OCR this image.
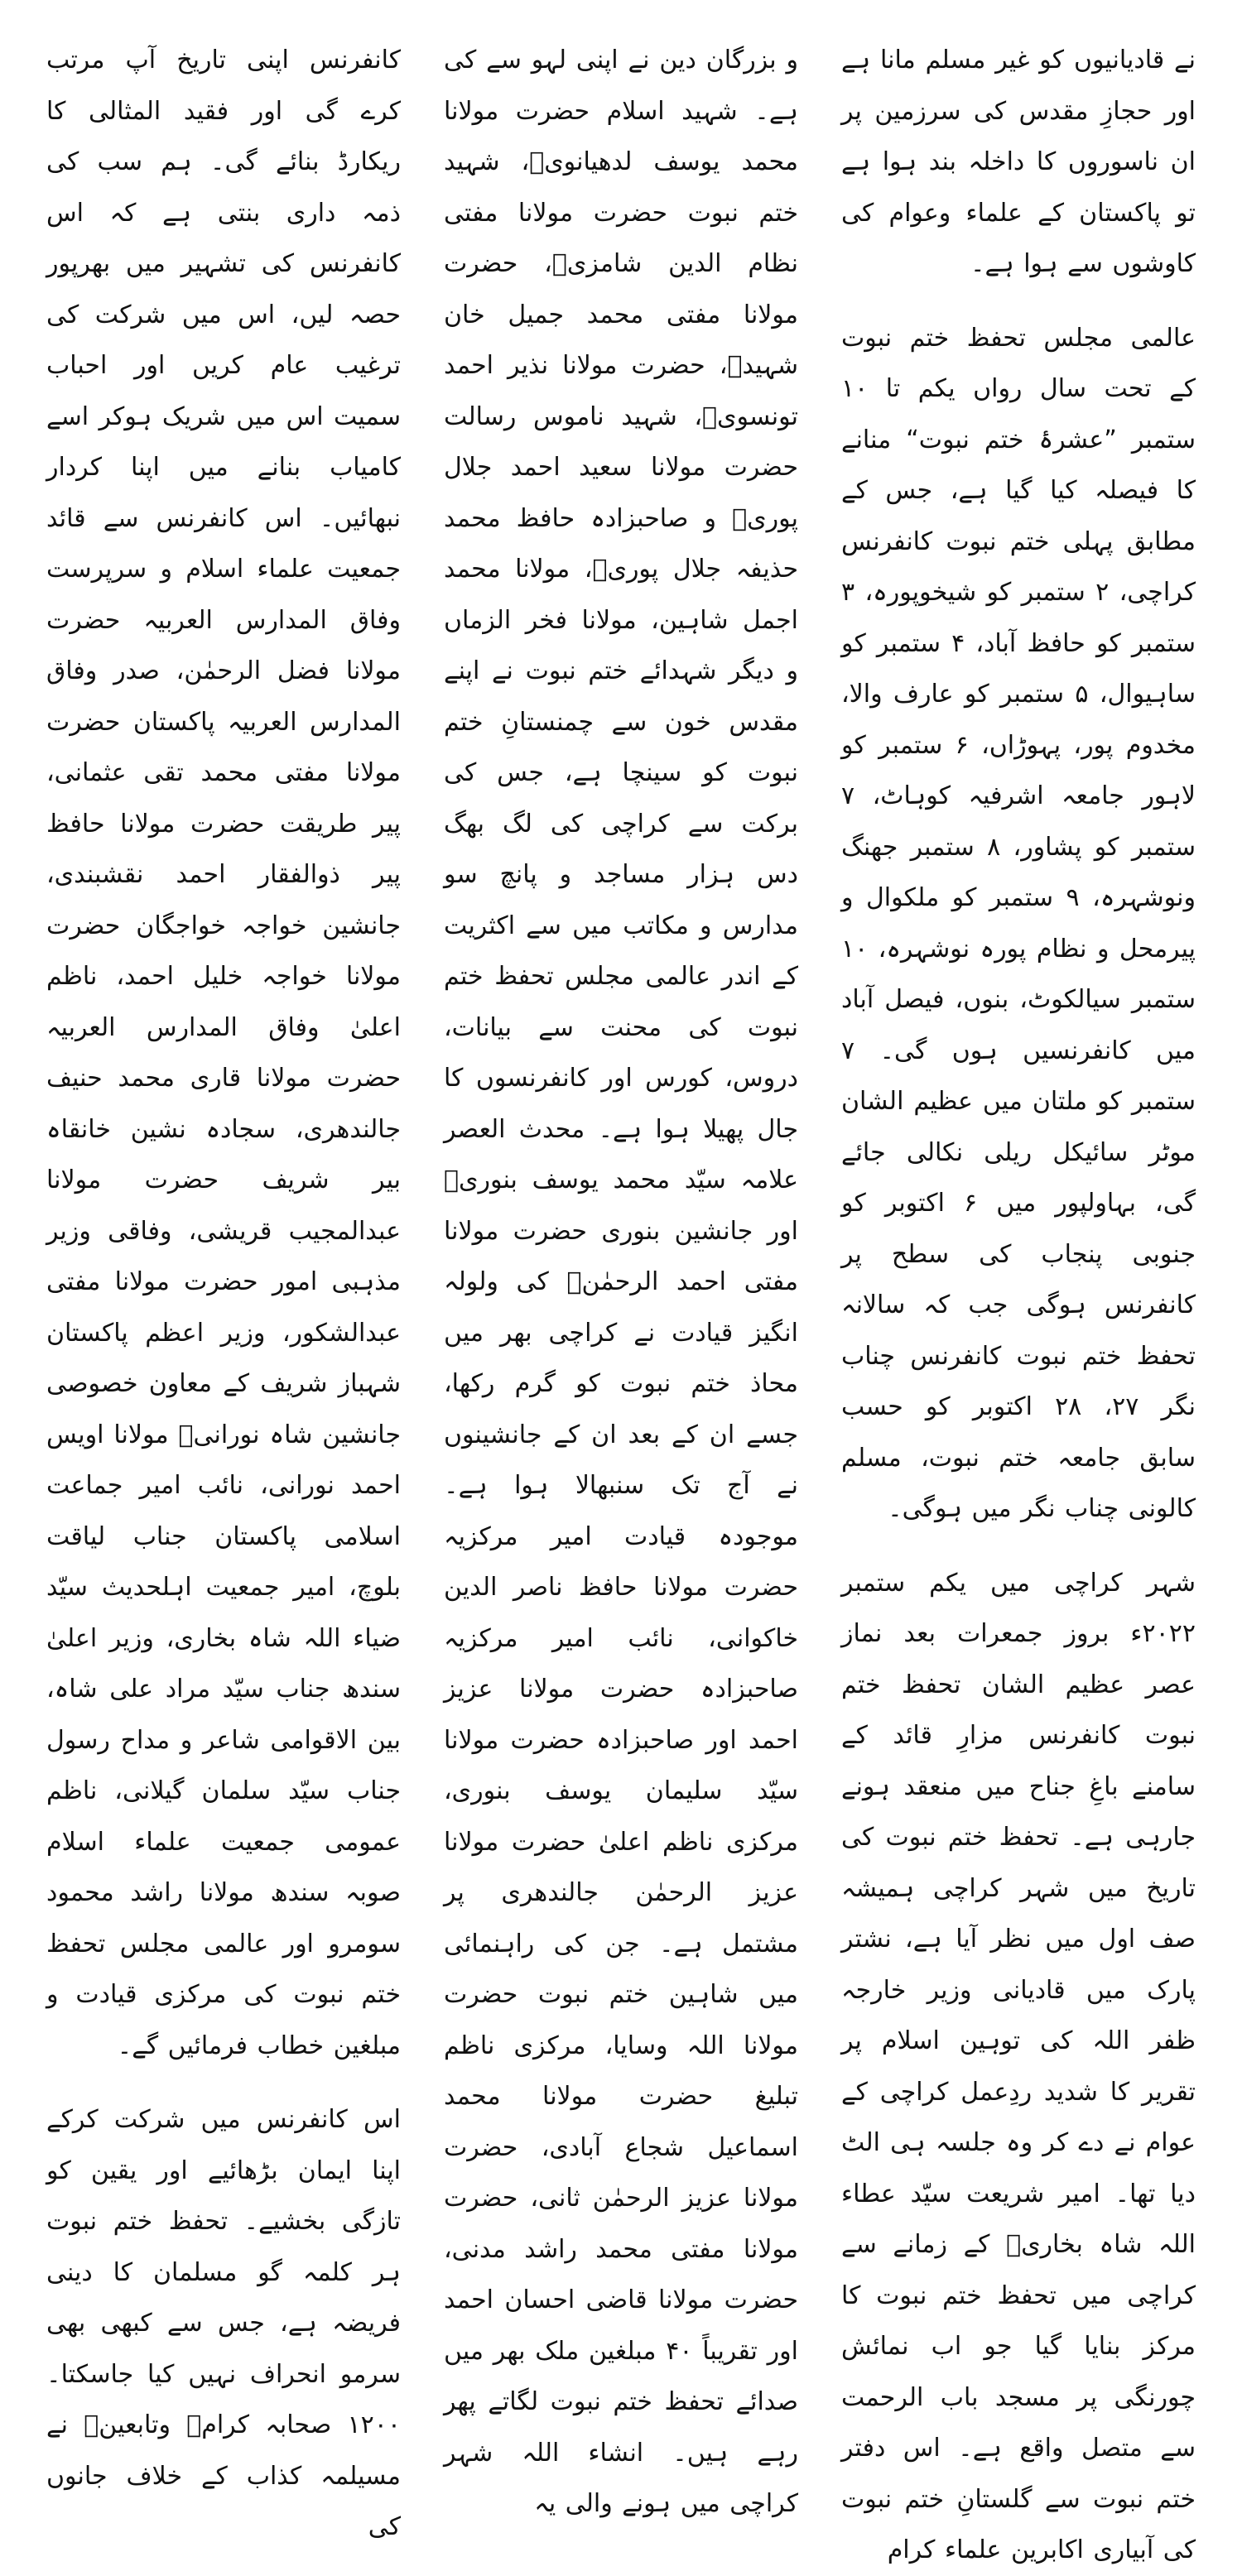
نے قادیانیوں کو غیر مسلم مانا ہے اور حجازِ مقدس کی سرزمین پر ان ناسوروں کا داخلہ بند ہوا ہے تو پاکستان کے علماء وعوام کی کاوشوں سے ہوا ہے۔

عالمی مجلس تحفظ ختم نبوت کے تحت سال رواں یکم تا ۱۰ ستمبر ”عشرۂ ختم نبوت“ منانے کا فیصلہ کیا گیا ہے، جس کے مطابق پہلی ختم نبوت کانفرنس کراچی، ۲ ستمبر کو شیخوپورہ، ۳ ستمبر کو حافظ آباد، ۴ ستمبر کو ساہیوال، ۵ ستمبر کو عارف والا، مخدوم پور، پہوڑاں، ۶ ستمبر کو لاہور جامعہ اشرفیہ کوہاٹ، ۷ ستمبر کو پشاور، ۸ ستمبر جھنگ ونوشہرہ، ۹ ستمبر کو ملکوال و پیرمحل و نظام پورہ نوشہرہ، ۱۰ ستمبر سیالکوٹ، بنوں، فیصل آباد میں کانفرنسیں ہوں گی۔ ۷ ستمبر کو ملتان میں عظیم الشان موٹر سائیکل ریلی نکالی جائے گی، بہاولپور میں ۶ اکتوبر کو جنوبی پنجاب کی سطح پر کانفرنس ہوگی جب کہ سالانہ تحفظ ختم نبوت کانفرنس چناب نگر ۲۷، ۲۸ اکتوبر کو حسب سابق جامعہ ختم نبوت، مسلم کالونی چناب نگر میں ہوگی۔

شہر کراچی میں یکم ستمبر ۲۰۲۲ء بروز جمعرات بعد نماز عصر عظیم الشان تحفظ ختم نبوت کانفرنس مزارِ قائد کے سامنے باغِ جناح میں منعقد ہونے جارہی ہے۔ تحفظ ختم نبوت کی تاریخ میں شہر کراچی ہمیشہ صف اول میں نظر آیا ہے، نشتر پارک میں قادیانی وزیر خارجہ ظفر اللہ کی توہین اسلام پر تقریر کا شدید ردِعمل کراچی کے عوام نے دے کر وہ جلسہ ہی الٹ دیا تھا۔ امیر شریعت سیّد عطاء اللہ شاہ بخاریؒ کے زمانے سے کراچی میں تحفظ ختم نبوت کا مرکز بنایا گیا جو اب نمائش چورنگی پر مسجد باب الرحمت سے متصل واقع ہے۔ اس دفتر ختم نبوت سے گلستانِ ختم نبوت کی آبیاری اکابرین علماء کرام

و بزرگان دین نے اپنی لہو سے کی ہے۔ شہید اسلام حضرت مولانا محمد یوسف لدھیانویؒ، شہید ختم نبوت حضرت مولانا مفتی نظام الدین شامزیؒ، حضرت مولانا مفتی محمد جمیل خان شہیدؒ، حضرت مولانا نذیر احمد تونسویؒ، شہید ناموس رسالت حضرت مولانا سعید احمد جلال پوریؒ و صاحبزادہ حافظ محمد حذیفہ جلال پوریؒ، مولانا محمد اجمل شاہین، مولانا فخر الزماں و دیگر شہدائے ختم نبوت نے اپنے مقدس خون سے چمنستانِ ختم نبوت کو سینچا ہے، جس کی برکت سے کراچی کی لگ بھگ دس ہزار مساجد و پانچ سو مدارس و مکاتب میں سے اکثریت کے اندر عالمی مجلس تحفظ ختم نبوت کی محنت سے بیانات، دروس، کورس اور کانفرنسوں کا جال پھیلا ہوا ہے۔ محدث العصر علامہ سیّد محمد یوسف بنوریؒ اور جانشین بنوری حضرت مولانا مفتی احمد الرحمٰنؒ کی ولولہ انگیز قیادت نے کراچی بھر میں محاذ ختم نبوت کو گرم رکھا، جسے ان کے بعد ان کے جانشینوں نے آج تک سنبھالا ہوا ہے۔ موجودہ قیادت امیر مرکزیہ حضرت مولانا حافظ ناصر الدین خاکوانی، نائب امیر مرکزیہ صاحبزادہ حضرت مولانا عزیز احمد اور صاحبزادہ حضرت مولانا سیّد سلیمان یوسف بنوری، مرکزی ناظم اعلیٰ حضرت مولانا عزیز الرحمٰن جالندھری پر مشتمل ہے۔ جن کی راہنمائی میں شاہین ختم نبوت حضرت مولانا اللہ وسایا، مرکزی ناظم تبلیغ حضرت مولانا محمد اسماعیل شجاع آبادی، حضرت مولانا عزیز الرحمٰن ثانی، حضرت مولانا مفتی محمد راشد مدنی، حضرت مولانا قاضی احسان احمد اور تقریباً ۴۰ مبلغین ملک بھر میں صدائے تحفظ ختم نبوت لگاتے پھر رہے ہیں۔ انشاء اللہ شہر کراچی میں ہونے والی یہ

کانفرنس اپنی تاریخ آپ مرتب کرے گی اور فقید المثالی کا ریکارڈ بنائے گی۔ ہم سب کی ذمہ داری بنتی ہے کہ اس کانفرنس کی تشہیر میں بھرپور حصہ لیں، اس میں شرکت کی ترغیب عام کریں اور احباب سمیت اس میں شریک ہوکر اسے کامیاب بنانے میں اپنا کردار نبھائیں۔ اس کانفرنس سے قائد جمعیت علماء اسلام و سرپرست وفاق المدارس العربیہ حضرت مولانا فضل الرحمٰن، صدر وفاق المدارس العربیہ پاکستان حضرت مولانا مفتی محمد تقی عثمانی، پیر طریقت حضرت مولانا حافظ پیر ذوالفقار احمد نقشبندی، جانشین خواجہ خواجگان حضرت مولانا خواجہ خلیل احمد، ناظم اعلیٰ وفاق المدارس العربیہ حضرت مولانا قاری محمد حنیف جالندھری، سجادہ نشین خانقاہ بیر شریف حضرت مولانا عبدالمجیب قریشی، وفاقی وزیر مذہبی امور حضرت مولانا مفتی عبدالشکور، وزیر اعظم پاکستان شہباز شریف کے معاون خصوصی جانشین شاہ نورانیؒ مولانا اویس احمد نورانی، نائب امیر جماعت اسلامی پاکستان جناب لیاقت بلوچ، امیر جمعیت اہلحدیث سیّد ضیاء اللہ شاہ بخاری، وزیر اعلیٰ سندھ جناب سیّد مراد علی شاہ، بین الاقوامی شاعر و مداح رسول جناب سیّد سلمان گیلانی، ناظم عمومی جمعیت علماء اسلام صوبہ سندھ مولانا راشد محمود سومرو اور عالمی مجلس تحفظ ختم نبوت کی مرکزی قیادت و مبلغین خطاب فرمائیں گے۔

اس کانفرنس میں شرکت کرکے اپنا ایمان بڑھائیے اور یقین کو تازگی بخشیے۔ تحفظ ختم نبوت ہر کلمہ گو مسلمان کا دینی فریضہ ہے، جس سے کبھی بھی سرمو انحراف نہیں کیا جاسکتا۔ ۱۲۰۰ صحابہ کرامؓ وتابعینؒ نے مسیلمہ کذاب کے خلاف جانوں کی
